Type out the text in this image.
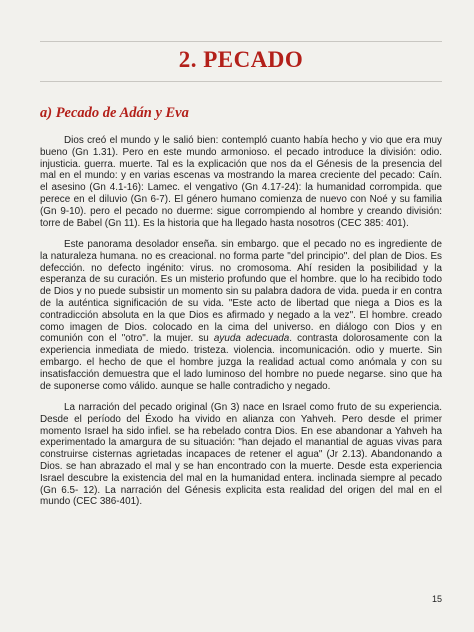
2. PECADO
a) Pecado de Adán y Eva

Dios creó el mundo y le salió bien: contempló cuanto había hecho y vio que era muy bueno (Gn 1.31). Pero en este mundo armonioso. el pecado introduce la división: odio. injusticia. guerra. muerte. Tal es la explicación que nos da el Génesis de la presencia del mal en el mundo: y en varias escenas va mostrando la marea creciente del pecado: Caín. el asesino (Gn 4.1-16): Lamec. el vengativo (Gn 4.17-24): la humanidad corrompida. que perece en el diluvio (Gn 6-7). El género humano comienza de nuevo con Noé y su familia (Gn 9-10). pero el pecado no duerme: sigue corrompiendo al hombre y creando división: torre de Babel (Gn 11). Es la historia que ha llegado hasta nosotros (CEC 385: 401).

Este panorama desolador enseña. sin embargo. que el pecado no es ingrediente de la naturaleza humana. no es creacional. no forma parte "del principio". del plan de Dios. Es defección. no defecto ingénito: virus. no cromosoma. Ahí residen la posibilidad y la esperanza de su curación. Es un misterio profundo que el hombre. que lo ha recibido todo de Dios y no puede subsistir un momento sin su palabra dadora de vida. pueda ir en contra de la auténtica significación de su vida. "Este acto de libertad que niega a Dios es la contradicción absoluta en la que Dios es afirmado y negado a la vez". El hombre. creado como imagen de Dios. colocado en la cima del universo. en diálogo con Dios y en comunión con el "otro". la mujer. su ayuda adecuada. contrasta dolorosamente con la experiencia inmediata de miedo. tristeza. violencia. incomunicación. odio y muerte. Sin embargo. el hecho de que el hombre juzga la realidad actual como anómala y con su insatisfacción demuestra que el lado luminoso del hombre no puede negarse. sino que ha de suponerse como válido. aunque se halle contradicho y negado.

La narración del pecado original (Gn 3) nace en Israel como fruto de su experiencia. Desde el período del Éxodo ha vivido en alianza con Yahveh. Pero desde el primer momento Israel ha sido infiel. se ha rebelado contra Dios. En ese abandonar a Yahveh ha experimentado la amargura de su situación: "han dejado el manantial de aguas vivas para construirse cisternas agrietadas incapaces de retener el agua" (Jr 2.13). Abandonando a Dios. se han abrazado el mal y se han encontrado con la muerte. Desde esta experiencia Israel descubre la existencia del mal en la humanidad entera. inclinada siempre al pecado (Gn 6.5- 12). La narración del Génesis explicita esta realidad del origen del mal en el mundo (CEC 386-401).

15
